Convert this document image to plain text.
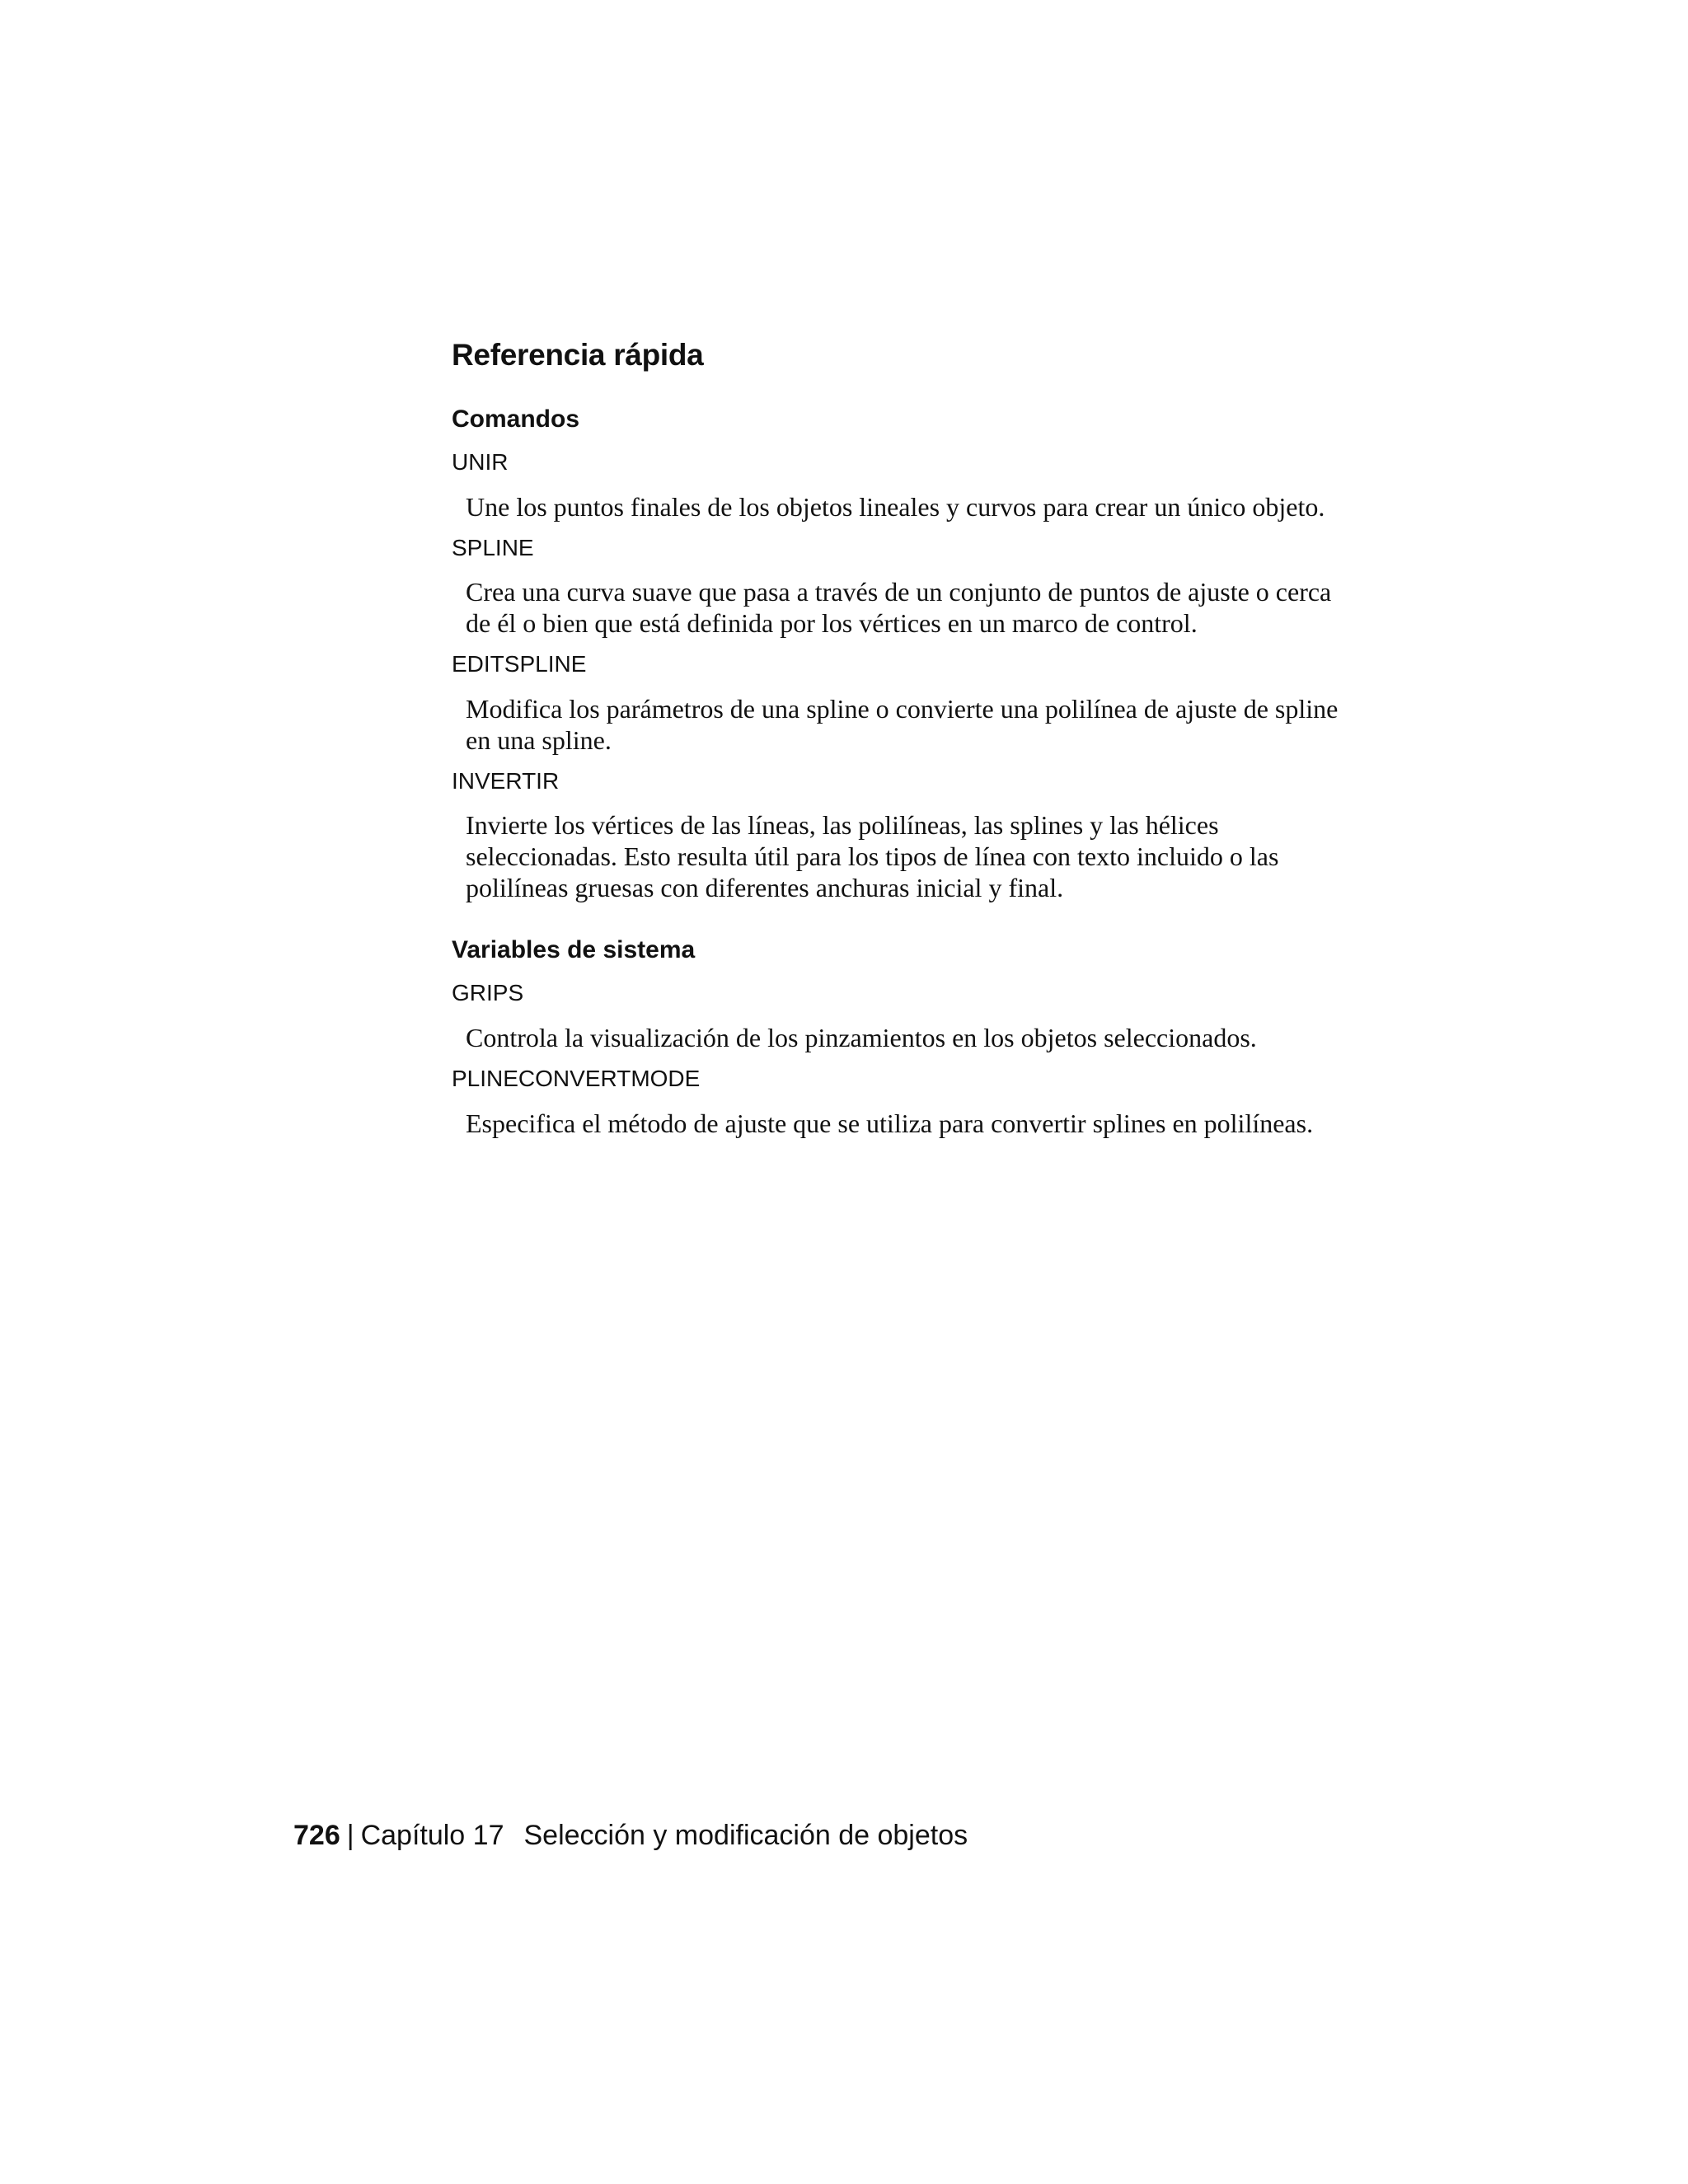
Referencia rápida
Comandos
UNIR
Une los puntos finales de los objetos lineales y curvos para crear un único objeto.
SPLINE
Crea una curva suave que pasa a través de un conjunto de puntos de ajuste o cerca de él o bien que está definida por los vértices en un marco de control.
EDITSPLINE
Modifica los parámetros de una spline o convierte una polilínea de ajuste de spline en una spline.
INVERTIR
Invierte los vértices de las líneas, las polilíneas, las splines y las hélices seleccionadas. Esto resulta útil para los tipos de línea con texto incluido o las polilíneas gruesas con diferentes anchuras inicial y final.
Variables de sistema
GRIPS
Controla la visualización de los pinzamientos en los objetos seleccionados.
PLINECONVERTMODE
Especifica el método de ajuste que se utiliza para convertir splines en polilíneas.
726 | Capítulo 17 Selección y modificación de objetos
